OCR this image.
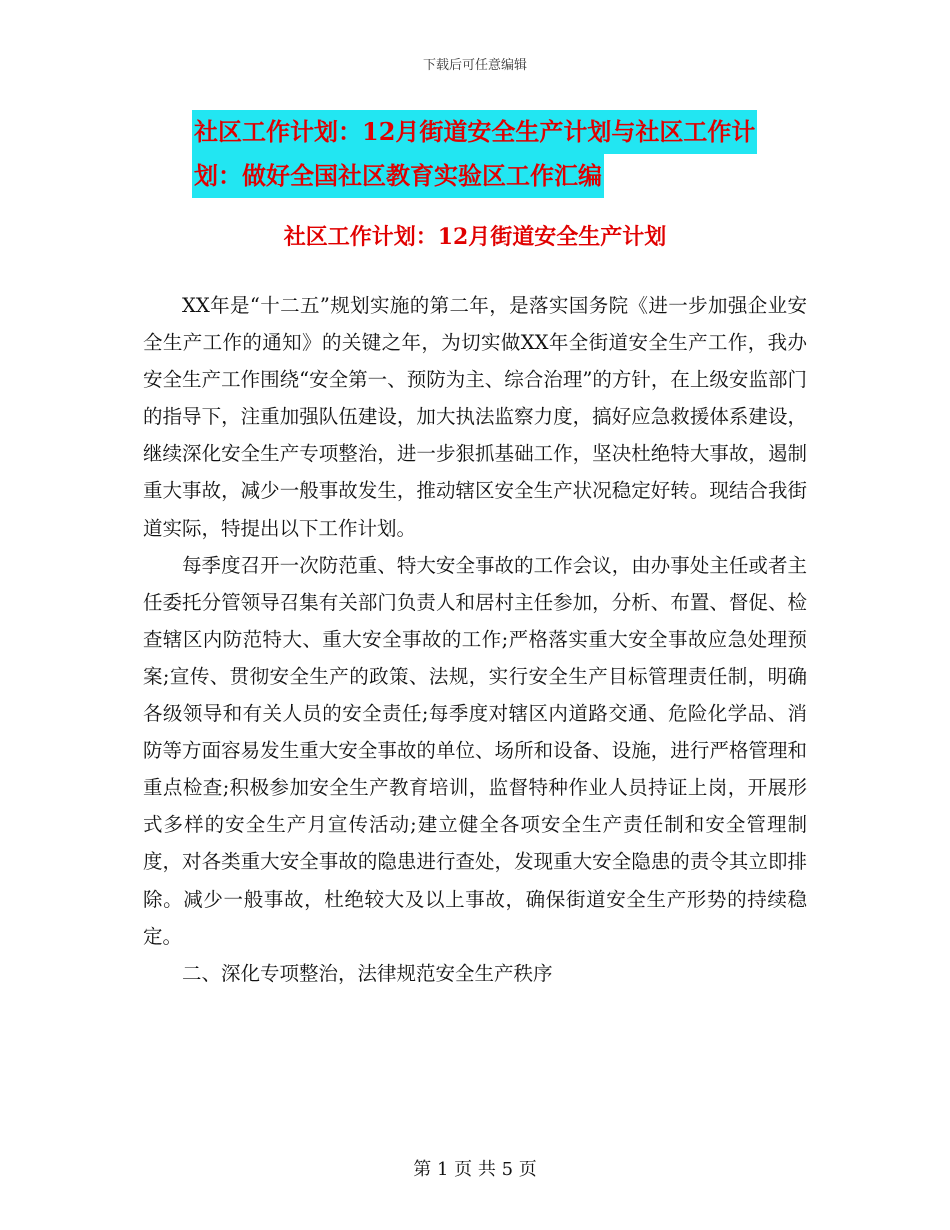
下载后可任意编辑
社区工作计划：12月街道安全生产计划与社区工作计
划：做好全国社区教育实验区工作汇编
社区工作计划：12月街道安全生产计划

XX年是“十二五”规划实施的第二年，是落实国务院《进一步加强企业安全生产工作的通知》的关键之年，为切实做XX年全街道安全生产工作，我办安全生产工作围绕“安全第一、预防为主、综合治理”的方针，在上级安监部门的指导下，注重加强队伍建设，加大执法监察力度，搞好应急救援体系建设，继续深化安全生产专项整治，进一步狠抓基础工作，坚决杜绝特大事故，遏制重大事故，减少一般事故发生，推动辖区安全生产状况稳定好转。现结合我街道实际，特提出以下工作计划。

每季度召开一次防范重、特大安全事故的工作会议，由办事处主任或者主任委托分管领导召集有关部门负责人和居村主任参加，分析、布置、督促、检查辖区内防范特大、重大安全事故的工作;严格落实重大安全事故应急处理预案;宣传、贯彻安全生产的政策、法规，实行安全生产目标管理责任制，明确各级领导和有关人员的安全责任;每季度对辖区内道路交通、危险化学品、消防等方面容易发生重大安全事故的单位、场所和设备、设施，进行严格管理和重点检查;积极参加安全生产教育培训，监督特种作业人员持证上岗，开展形式多样的安全生产月宣传活动;建立健全各项安全生产责任制和安全管理制度，对各类重大安全事故的隐患进行查处，发现重大安全隐患的责令其立即排除。减少一般事故，杜绝较大及以上事故，确保街道安全生产形势的持续稳定。

二、深化专项整治，法律规范安全生产秩序

第 1 页 共 5 页
